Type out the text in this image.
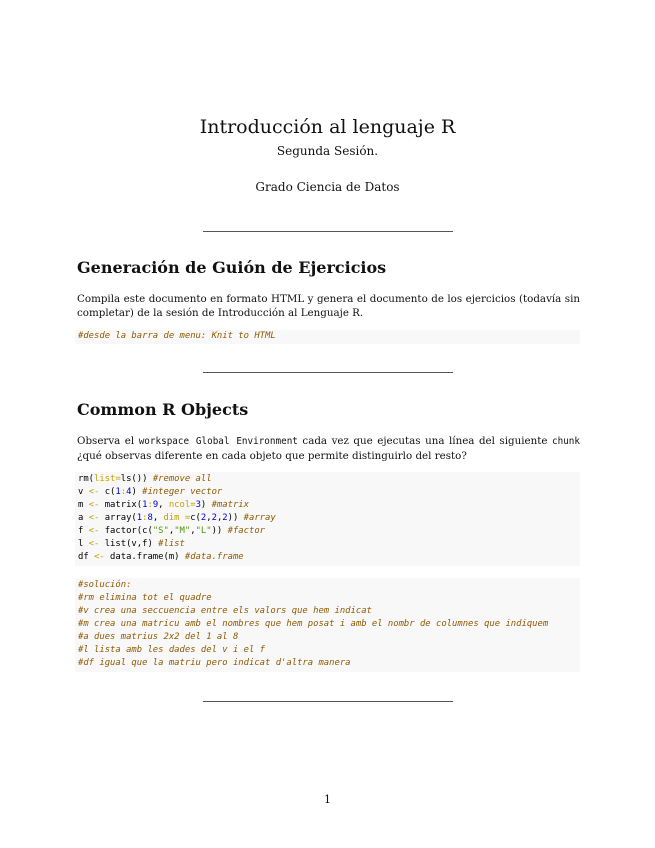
Introducción al lenguaje R
Segunda Sesión.
Grado Ciencia de Datos
Generación de Guión de Ejercicios

Compila este documento en formato HTML y genera el documento de los ejercicios (todavía sin completar) de la sesión de Introducción al Lenguaje R.

#desde la barra de menu: Knit to HTML
Common R Objects

Observa el workspace Global Environment cada vez que ejecutas una línea del siguiente chunk ¿qué observas diferente en cada objeto que permite distinguirlo del resto?

rm(list=ls()) #remove all
v <- c(1:4) #integer vector
m <- matrix(1:9, ncol=3) #matrix
a <- array(1:8, dim =c(2,2,2)) #array
f <- factor(c("S","M","L")) #factor
l <- list(v,f) #list
df <- data.frame(m) #data.frame
#solución:
#rm elimina tot el quadre
#v crea una seccuencia entre els valors que hem indicat
#m crea una matricu amb el nombres que hem posat i amb el nombr de columnes que indiquem
#a dues matrius 2x2 del 1 al 8
#l lista amb les dades del v i el f
#df igual que la matriu pero indicat d'altra manera
1
